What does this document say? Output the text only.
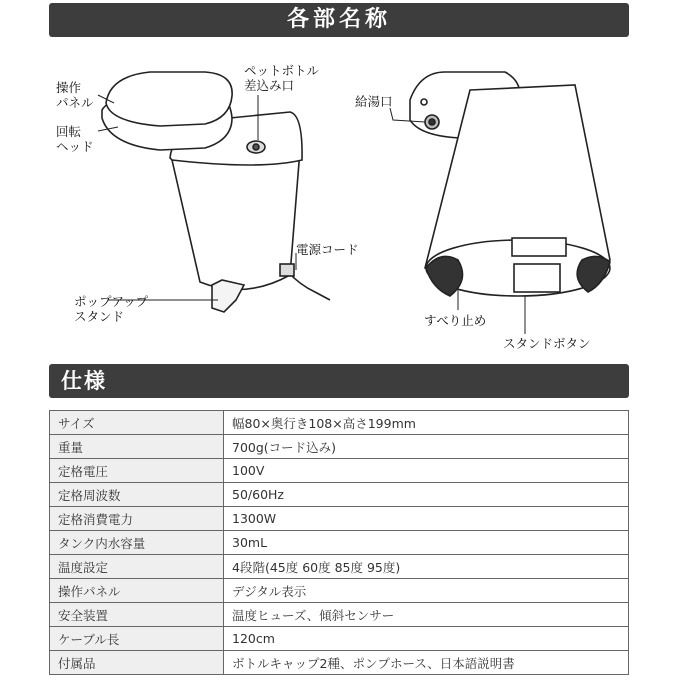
各部名称
操作
パネル
回転
ヘッド
ペットボトル
差込み口
電源コード
ポップアップ
スタンド
給湯口
すべり止め
スタンドボタン
仕様
サイズ	幅80×奥行き108×高さ199mm
重量	700g(コード込み)
定格電圧	100V
定格周波数	50/60Hz
定格消費電力	1300W
タンク内水容量	30mL
温度設定	4段階(45度 60度 85度 95度)
操作パネル	デジタル表示
安全装置	温度ヒューズ、傾斜センサー
ケーブル長	120cm
付属品	ボトルキャップ2種、ポンプホース、日本語説明書
